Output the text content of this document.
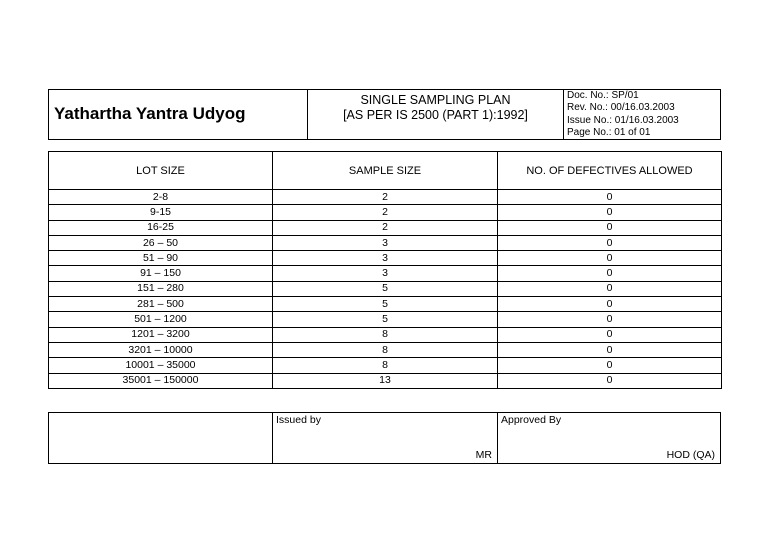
Yathartha Yantra Udyog
SINGLE SAMPLING PLAN
[AS PER IS 2500 (PART 1):1992]
Doc. No.: SP/01
Rev. No.: 00/16.03.2003
Issue No.: 01/16.03.2003
Page No.: 01 of 01
LOT SIZE	SAMPLE SIZE	NO. OF DEFECTIVES ALLOWED
2-8	2	0
9-15	2	0
16-25	2	0
26 – 50	3	0
51 – 90	3	0
91 – 150	3	0
151 – 280	5	0
281 – 500	5	0
501 – 1200	5	0
1201 – 3200	8	0
3201 – 10000	8	0
10001 – 35000	8	0
35001 – 150000	13	0
Issued by
MR
Approved By
HOD (QA)
